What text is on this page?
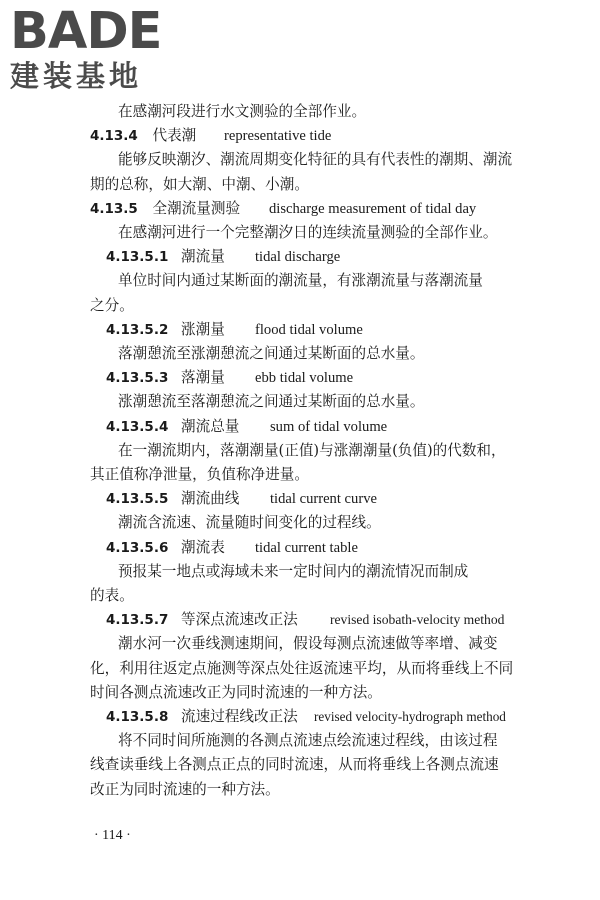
BADE
建装基地
在感潮河段进行水文测验的全部作业。
4.13.4 代表潮 representative tide
能够反映潮汐、潮流周期变化特征的具有代表性的潮期、潮流
期的总称，如大潮、中潮、小潮。
4.13.5 全潮流量测验 discharge measurement of tidal day
在感潮河进行一个完整潮汐日的连续流量测验的全部作业。
4.13.5.1 潮流量 tidal discharge
单位时间内通过某断面的潮流量，有涨潮流量与落潮流量
之分。
4.13.5.2 涨潮量 flood tidal volume
落潮憩流至涨潮憩流之间通过某断面的总水量。
4.13.5.3 落潮量 ebb tidal volume
涨潮憩流至落潮憩流之间通过某断面的总水量。
4.13.5.4 潮流总量 sum of tidal volume
在一潮流期内，落潮潮量(正值)与涨潮潮量(负值)的代数和，
其正值称净泄量，负值称净进量。
4.13.5.5 潮流曲线 tidal current curve
潮流含流速、流量随时间变化的过程线。
4.13.5.6 潮流表 tidal current table
预报某一地点或海域未来一定时间内的潮流情况而制成
的表。
4.13.5.7 等深点流速改正法 revised isobath-velocity method
潮水河一次垂线测速期间，假设每测点流速做等率增、减变
化，利用往返定点施测等深点处往返流速平均，从而将垂线上不同
时间各测点流速改正为同时流速的一种方法。
4.13.5.8 流速过程线改正法 revised velocity-hydrograph method
将不同时间所施测的各测点流速点绘流速过程线，由该过程
线查读垂线上各测点正点的同时流速，从而将垂线上各测点流速
改正为同时流速的一种方法。
· 114 ·
